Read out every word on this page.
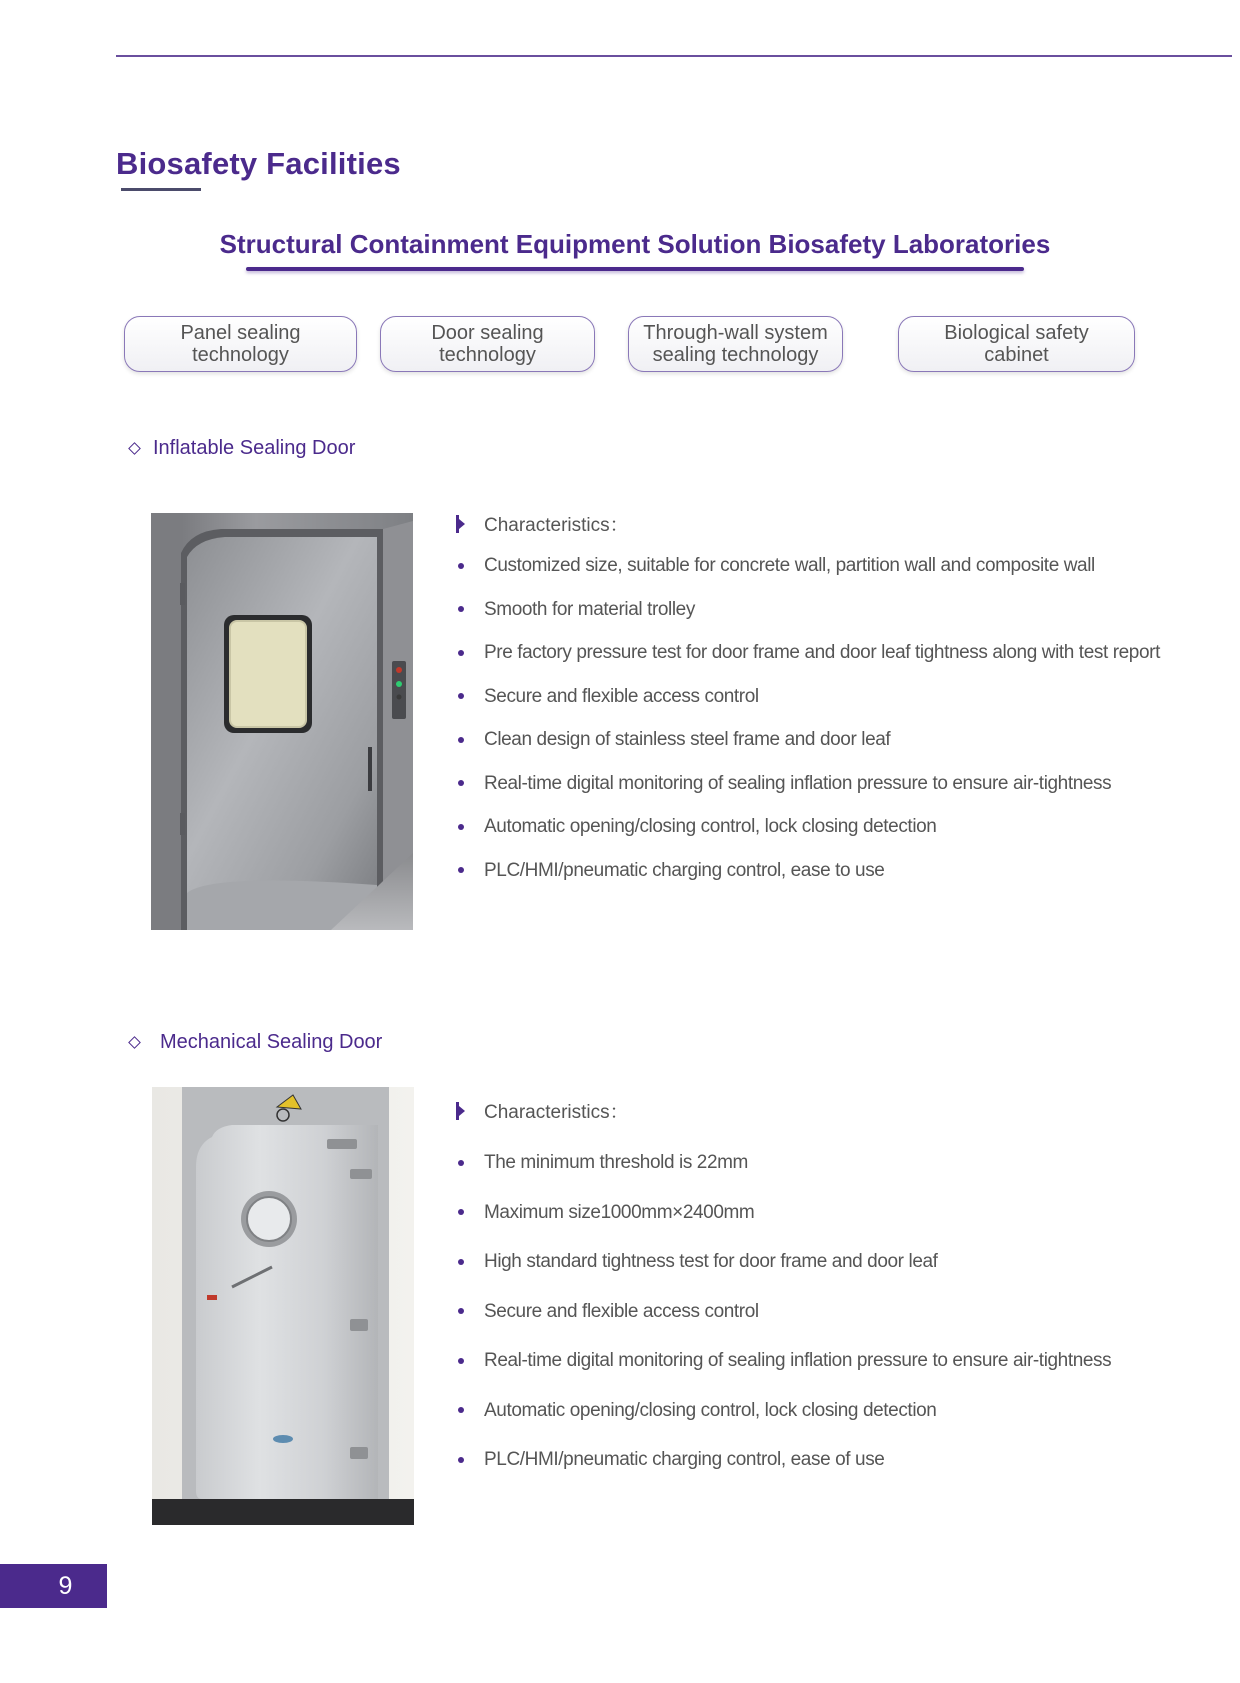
Biosafety Facilities
Structural Containment Equipment Solution Biosafety Laboratories
Panel sealing technology
Door sealing technology
Through-wall system
sealing technology
Biological safety
cabinet
Inflatable Sealing Door
Characteristics：
Customized size, suitable for concrete wall, partition wall and composite wall
Smooth for material trolley
Pre factory pressure test for door frame and door leaf tightness along with test report
Secure and flexible access control
Clean design of stainless steel frame and door leaf
Real-time digital monitoring of sealing inflation pressure to ensure air-tightness
Automatic opening/closing control, lock closing detection
PLC/HMI/pneumatic charging control, ease to use
Mechanical Sealing Door
Characteristics：
The minimum threshold is 22mm
Maximum size1000mm×2400mm
High standard tightness test for door frame and door leaf
Secure and flexible access control
Real-time digital monitoring of sealing inflation pressure to ensure air-tightness
Automatic opening/closing control, lock closing detection
PLC/HMI/pneumatic charging control, ease of use
9
